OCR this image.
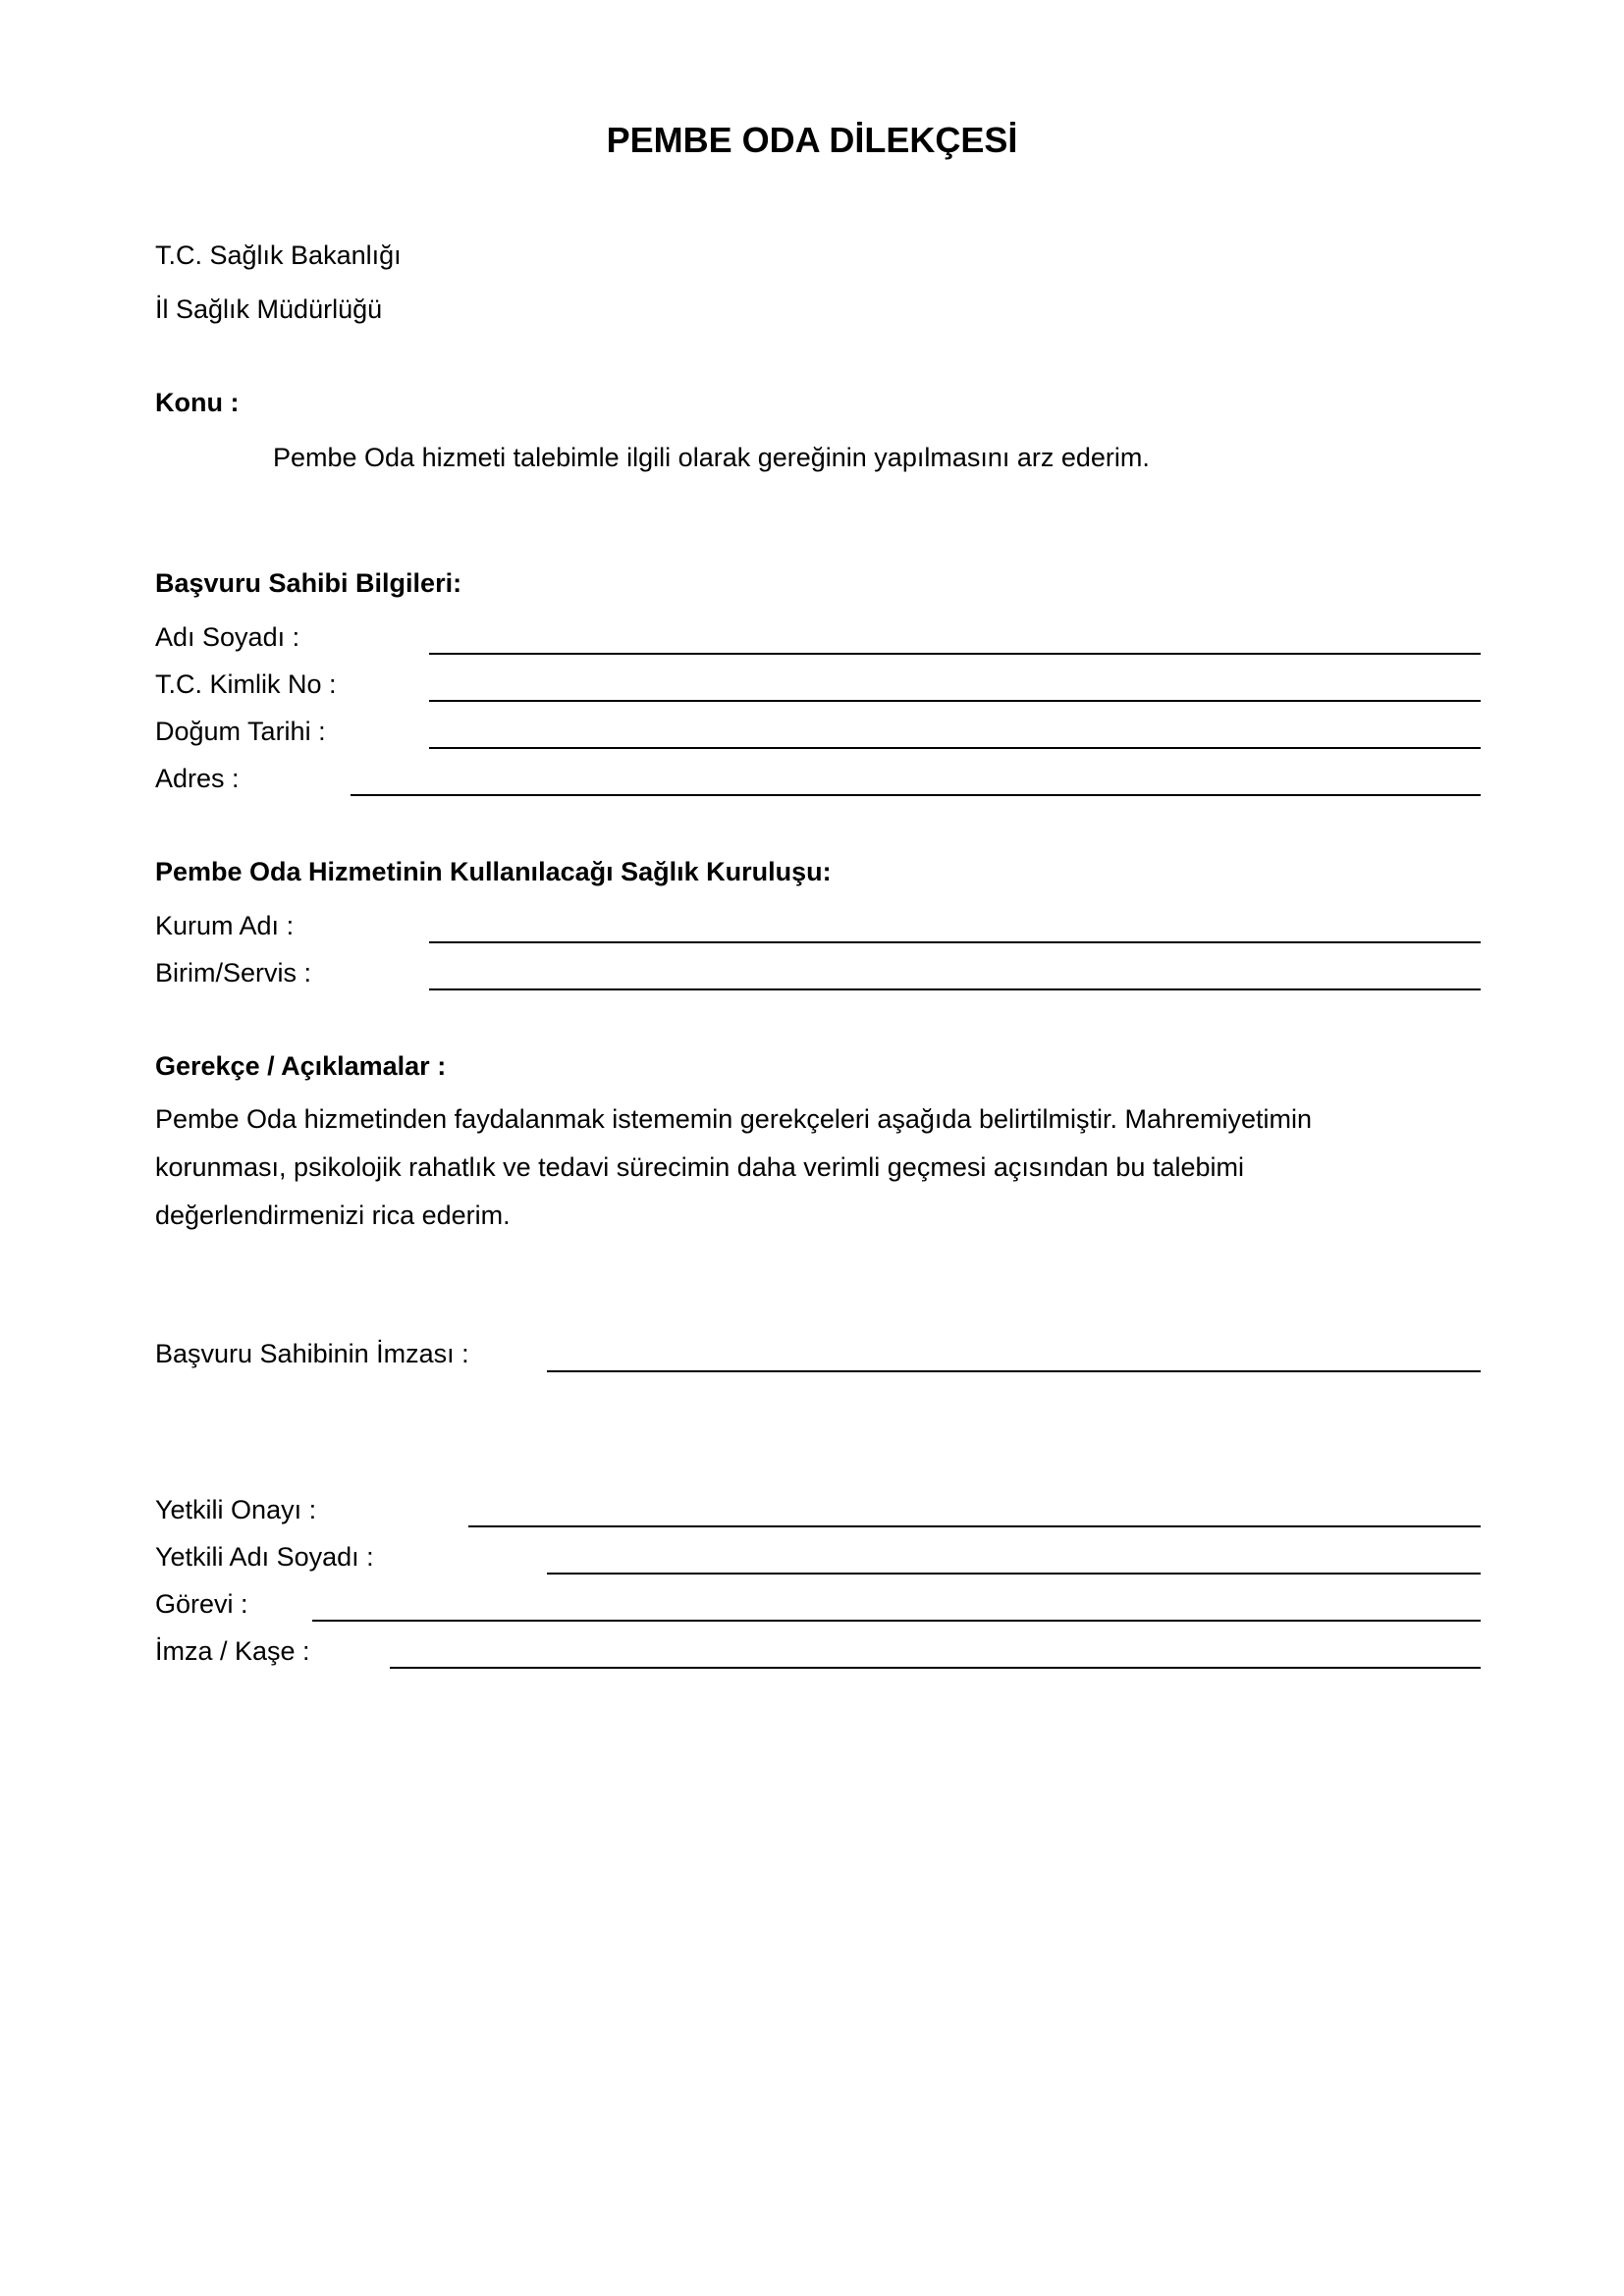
PEMBE ODA DİLEKÇESİ
T.C. Sağlık Bakanlığı
İl Sağlık Müdürlüğü
Konu :
Pembe Oda hizmeti talebimle ilgili olarak gereğinin yapılmasını arz ederim.
Başvuru Sahibi Bilgileri:
Adı Soyadı :
T.C. Kimlik No :
Doğum Tarihi :
Adres :
Pembe Oda Hizmetinin Kullanılacağı Sağlık Kuruluşu:
Kurum Adı :
Birim/Servis :
Gerekçe / Açıklamalar :
Pembe Oda hizmetinden faydalanmak istememin gerekçeleri aşağıda belirtilmiştir. Mahremiyetimin
korunması, psikolojik rahatlık ve tedavi sürecimin daha verimli geçmesi açısından bu talebimi
değerlendirmenizi rica ederim.
Başvuru Sahibinin İmzası :
Yetkili Onayı :
Yetkili Adı Soyadı :
Görevi :
İmza / Kaşe :
